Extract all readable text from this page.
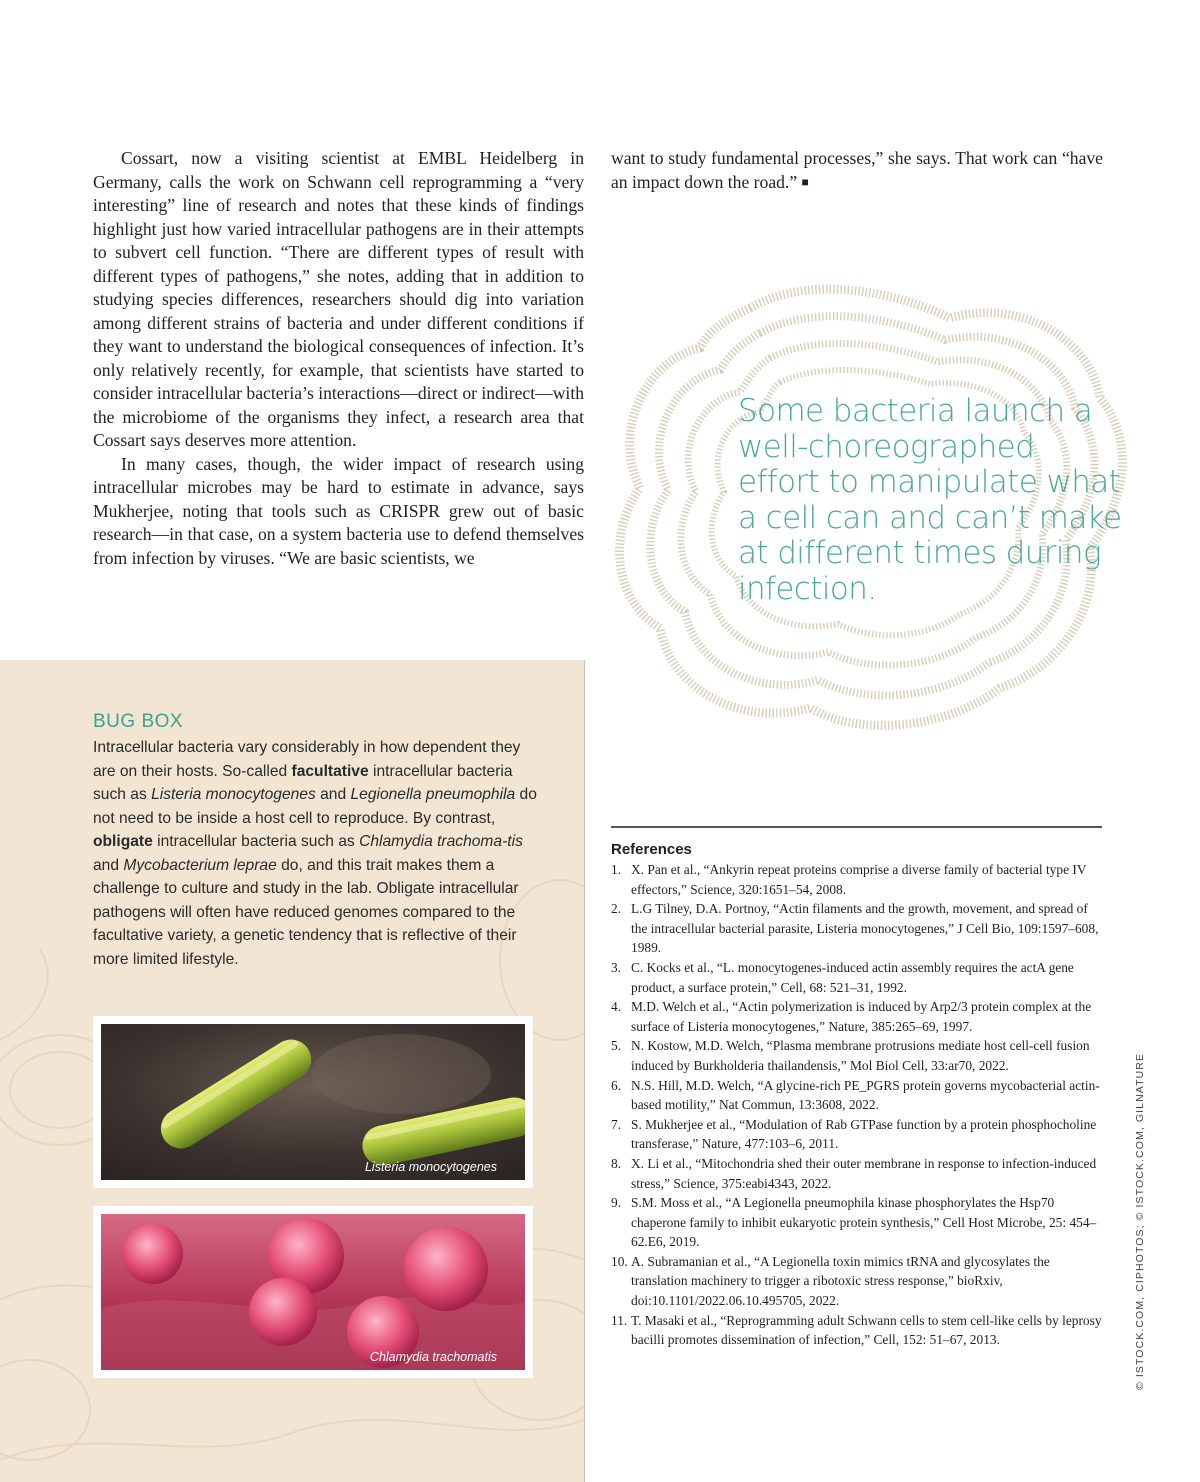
Cossart, now a visiting scientist at EMBL Heidelberg in Germany, calls the work on Schwann cell reprogramming a “very interesting” line of research and notes that these kinds of findings highlight just how varied intracellular pathogens are in their attempts to subvert cell function. “There are different types of result with different types of pathogens,” she notes, adding that in addition to studying species differences, researchers should dig into variation among different strains of bacteria and under different conditions if they want to understand the biological consequences of infection. It’s only relatively recently, for example, that scientists have started to consider intracellular bacteria’s interactions—direct or indirect—with the microbiome of the organisms they infect, a research area that Cossart says deserves more attention.

In many cases, though, the wider impact of research using intracellular microbes may be hard to estimate in advance, says Mukherjee, noting that tools such as CRISPR grew out of basic research—in that case, on a system bacteria use to defend themselves from infection by viruses. “We are basic scientists, we

want to study fundamental processes,” she says. That work can “have an impact down the road.” ■

Some bacteria launch a well-choreographed effort to manipulate what a cell can and can’t make at different times during infection.
BUG BOX

Intracellular bacteria vary considerably in how dependent they are on their hosts. So-called facultative intracellular bacteria such as Listeria monocytogenes and Legionella pneumophila do not need to be inside a host cell to reproduce. By contrast, obligate intracellular bacteria such as Chlamydia trachoma-tis and Mycobacterium leprae do, and this trait makes them a challenge to culture and study in the lab. Obligate intracellular pathogens will often have reduced genomes compared to the facultative variety, a genetic tendency that is reflective of their more limited lifestyle.

Listeria monocytogenes
Chlamydia trachomatis
References
1. X. Pan et al., “Ankyrin repeat proteins comprise a diverse family of bacterial type IV effectors,” Science, 320:1651–54, 2008.
2. L.G Tilney, D.A. Portnoy, “Actin filaments and the growth, movement, and spread of the intracellular bacterial parasite, Listeria monocytogenes,” J Cell Bio, 109:1597–608, 1989.
3. C. Kocks et al., “L. monocytogenes-induced actin assembly requires the actA gene product, a surface protein,” Cell, 68: 521–31, 1992.
4. M.D. Welch et al., “Actin polymerization is induced by Arp2/3 protein complex at the surface of Listeria monocytogenes,” Nature, 385:265–69, 1997.
5. N. Kostow, M.D. Welch, “Plasma membrane protrusions mediate host cell-cell fusion induced by Burkholderia thailandensis,” Mol Biol Cell, 33:ar70, 2022.
6. N.S. Hill, M.D. Welch, “A glycine-rich PE_PGRS protein governs mycobacterial actin-based motility,” Nat Commun, 13:3608, 2022.
7. S. Mukherjee et al., “Modulation of Rab GTPase function by a protein phosphocholine transferase,” Nature, 477:103–6, 2011.
8. X. Li et al., “Mitochondria shed their outer membrane in response to infection-induced stress,” Science, 375:eabi4343, 2022.
9. S.M. Moss et al., “A Legionella pneumophila kinase phosphorylates the Hsp70 chaperone family to inhibit eukaryotic protein synthesis,” Cell Host Microbe, 25: 454–62.E6, 2019.
10. A. Subramanian et al., “A Legionella toxin mimics tRNA and glycosylates the translation machinery to trigger a ribotoxic stress response,” bioRxiv, doi:10.1101/2022.06.10.495705, 2022.
11. T. Masaki et al., “Reprogramming adult Schwann cells to stem cell-like cells by leprosy bacilli promotes dissemination of infection,” Cell, 152: 51–67, 2013.	© ISTOCK.COM, CIPHOTOS; © ISTOCK.COM, GILNATURE
